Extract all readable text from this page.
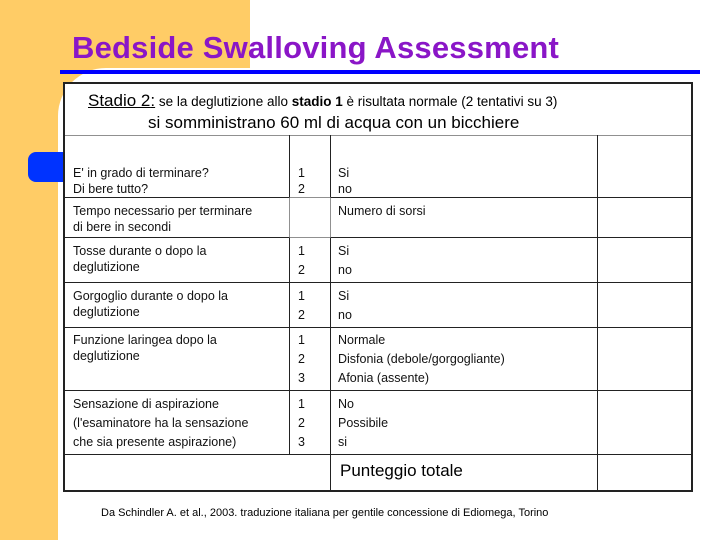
Bedside Swalloving Assessment
Stadio 2: se la deglutizione allo stadio 1 è risultata normale (2 tentativi su 3)
si somministrano 60 ml di acqua con un bicchiere
E' in grado di terminare?
Di bere tutto?
1
2
Si
no
Tempo necessario per terminare
di bere in secondi
Numero di sorsi
Tosse durante o dopo la
deglutizione
1
2
Si
no
Gorgoglio durante o dopo la
deglutizione
1
2
Si
no
Funzione laringea dopo la
deglutizione
1
2
3
Normale
Disfonia (debole/gorgogliante)
Afonia (assente)
Sensazione di aspirazione
(l'esaminatore ha la sensazione
che sia presente aspirazione)
1
2
3
No
Possibile
si
Punteggio totale
Da Schindler A. et al., 2003. traduzione italiana per gentile concessione di Ediomega, Torino
